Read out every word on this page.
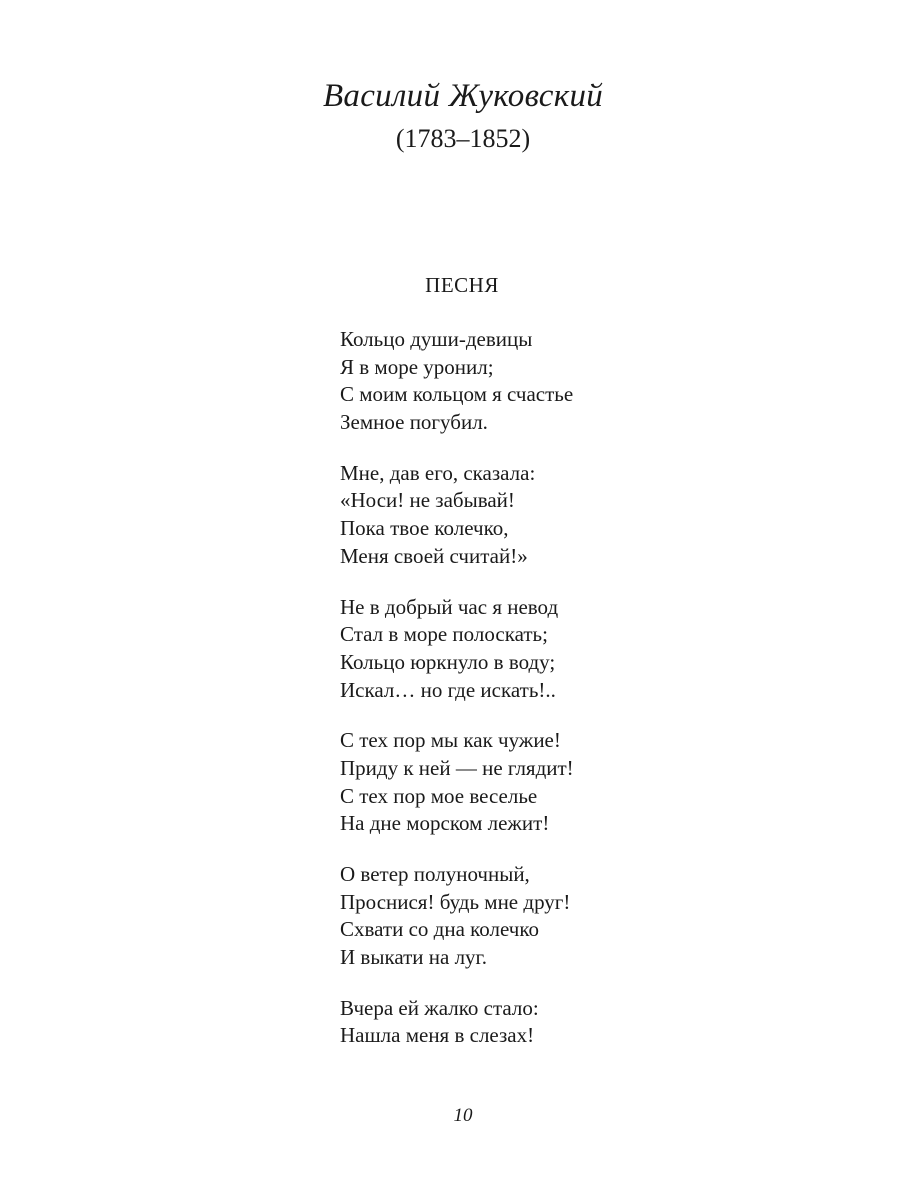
Василий Жуковский
(1783–1852)
ПЕСНЯ
Кольцо души-девицы
Я в море уронил;
С моим кольцом я счастье
Земное погубил.
Мне, дав его, сказала:
«Носи! не забывай!
Пока твое колечко,
Меня своей считай!»
Не в добрый час я невод
Стал в море полоскать;
Кольцо юркнуло в воду;
Искал… но где искать!..
С тех пор мы как чужие!
Приду к ней — не глядит!
С тех пор мое веселье
На дне морском лежит!
О ветер полуночный,
Проснися! будь мне друг!
Схвати со дна колечко
И выкати на луг.
Вчера ей жалко стало:
Нашла меня в слезах!
10
